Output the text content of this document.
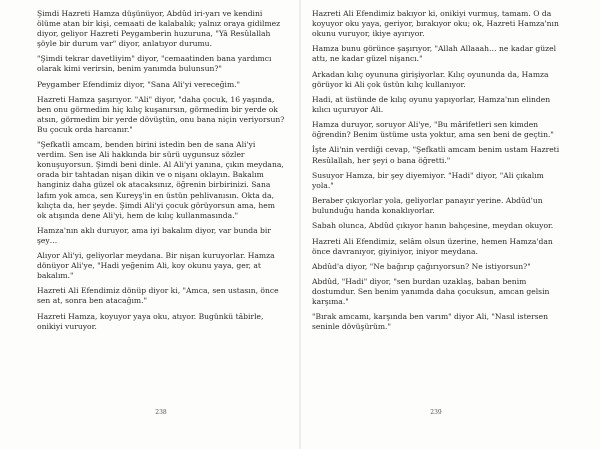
Şimdi Hazreti Hamza düşünüyor, Abdûd iri-yarı ve kendini ölüme atan bir kişi, cemaati de kalabalık; yalnız oraya gidilmez diyor, geliyor Hazreti Peygamberin huzuruna, "Yâ Resûlallah şöyle bir durum var" diyor, anlatıyor durumu.

"Şimdi tekrar davetliyim" diyor, "cemaatinden bana yardımcı olarak kimi verirsin, benim yanımda bulunsun?"

Peygamber Efendimiz diyor, "Sana Ali'yi vereceğim."

Hazreti Hamza şaşırıyor. "Ali" diyor, "daha çocuk, 16 yaşında, ben onu görmedim hiç kılıç kuşanırsın, görmedim bir yerde ok atsın, görmedim bir yerde dövüştün, onu bana niçin veriyorsun? Bu çocuk orda harcanır."

"Şefkatli amcam, benden birini istedin ben de sana Ali'yi verdim. Sen ise Ali hakkında bir sürü uygunsuz sözler konuşuyorsun. Şimdi beni dinle. Al Ali'yi yanına, çıkın meydana, orada bir tahtadan nişan dikin ve o nişanı oklayın. Bakalım hanginiz daha güzel ok atacaksınız, öğrenin birbirinizi. Sana lafım yok amca, sen Kureyş'in en üstün pehlivanısın. Okta da, kılıçta da, her şeyde. Şimdi Ali'yi çocuk görüyorsun ama, hem ok atışında dene Ali'yi, hem de kılıç kullanmasında."

Hamza'nın aklı duruyor, ama iyi bakalım diyor, var bunda bir şey…

Alıyor Ali'yi, geliyorlar meydana. Bir nişan kuruyorlar. Hamza dönüyor Ali'ye, "Hadi yeğenim Ali, koy okunu yaya, ger, at bakalım."

Hazreti Ali Efendimiz dönüp diyor ki, "Amca, sen ustasın, önce sen at, sonra ben atacağım."

Hazreti Hamza, koyuyor yaya oku, atıyor. Bugünkü tâbirle, onikiyi vuruyor.

238

Hazreti Ali Efendimiz bakıyor ki, onikiyi vurmuş, tamam. O da koyuyor oku yaya, geriyor, bırakıyor oku; ok, Hazreti Hamza'nın okunu vuruyor, ikiye ayırıyor.

Hamza bunu görünce şaşırıyor, "Allah Allaaah… ne kadar güzel attı, ne kadar güzel nişancı."

Arkadan kılıç oyununa girişiyorlar. Kılıç oyununda da, Hamza görüyor ki Ali çok üstün kılıç kullanıyor.

Hadi, at üstünde de kılıç oyunu yapıyorlar, Hamza'nın elinden kılıcı uçuruyor Ali.

Hamza duruyor, soruyor Ali'ye, "Bu mârifetleri sen kimden öğrendin? Benim üstüme usta yoktur, ama sen beni de geçtin."

İşte Ali'nin verdiği cevap, "Şefkatli amcam benim ustam Hazreti Resûlallah, her şeyi o bana öğretti."

Susuyor Hamza, bir şey diyemiyor. "Hadi" diyor, "Ali çıkalım yola."

Beraber çıkıyorlar yola, geliyorlar panayır yerine. Abdûd'un bulunduğu handa konaklıyorlar.

Sabah olunca, Abdûd çıkıyor hanın bahçesine, meydan okuyor.

Hazreti Ali Efendimiz, selâm olsun üzerine, hemen Hamza'dan önce davranıyor, giyiniyor, iniyor meydana.

Abdûd'a diyor, "Ne bağırıp çağırıyorsun? Ne istiyorsun?"

Abdûd, "Hadi" diyor, "sen burdan uzaklaş, baban benim dostumdur. Sen benim yanımda daha çocuksun, amcan gelsin karşıma."

"Bırak amcamı, karşında ben varım" diyor Ali, "Nasıl istersen seninle dövüşürüm."

239
